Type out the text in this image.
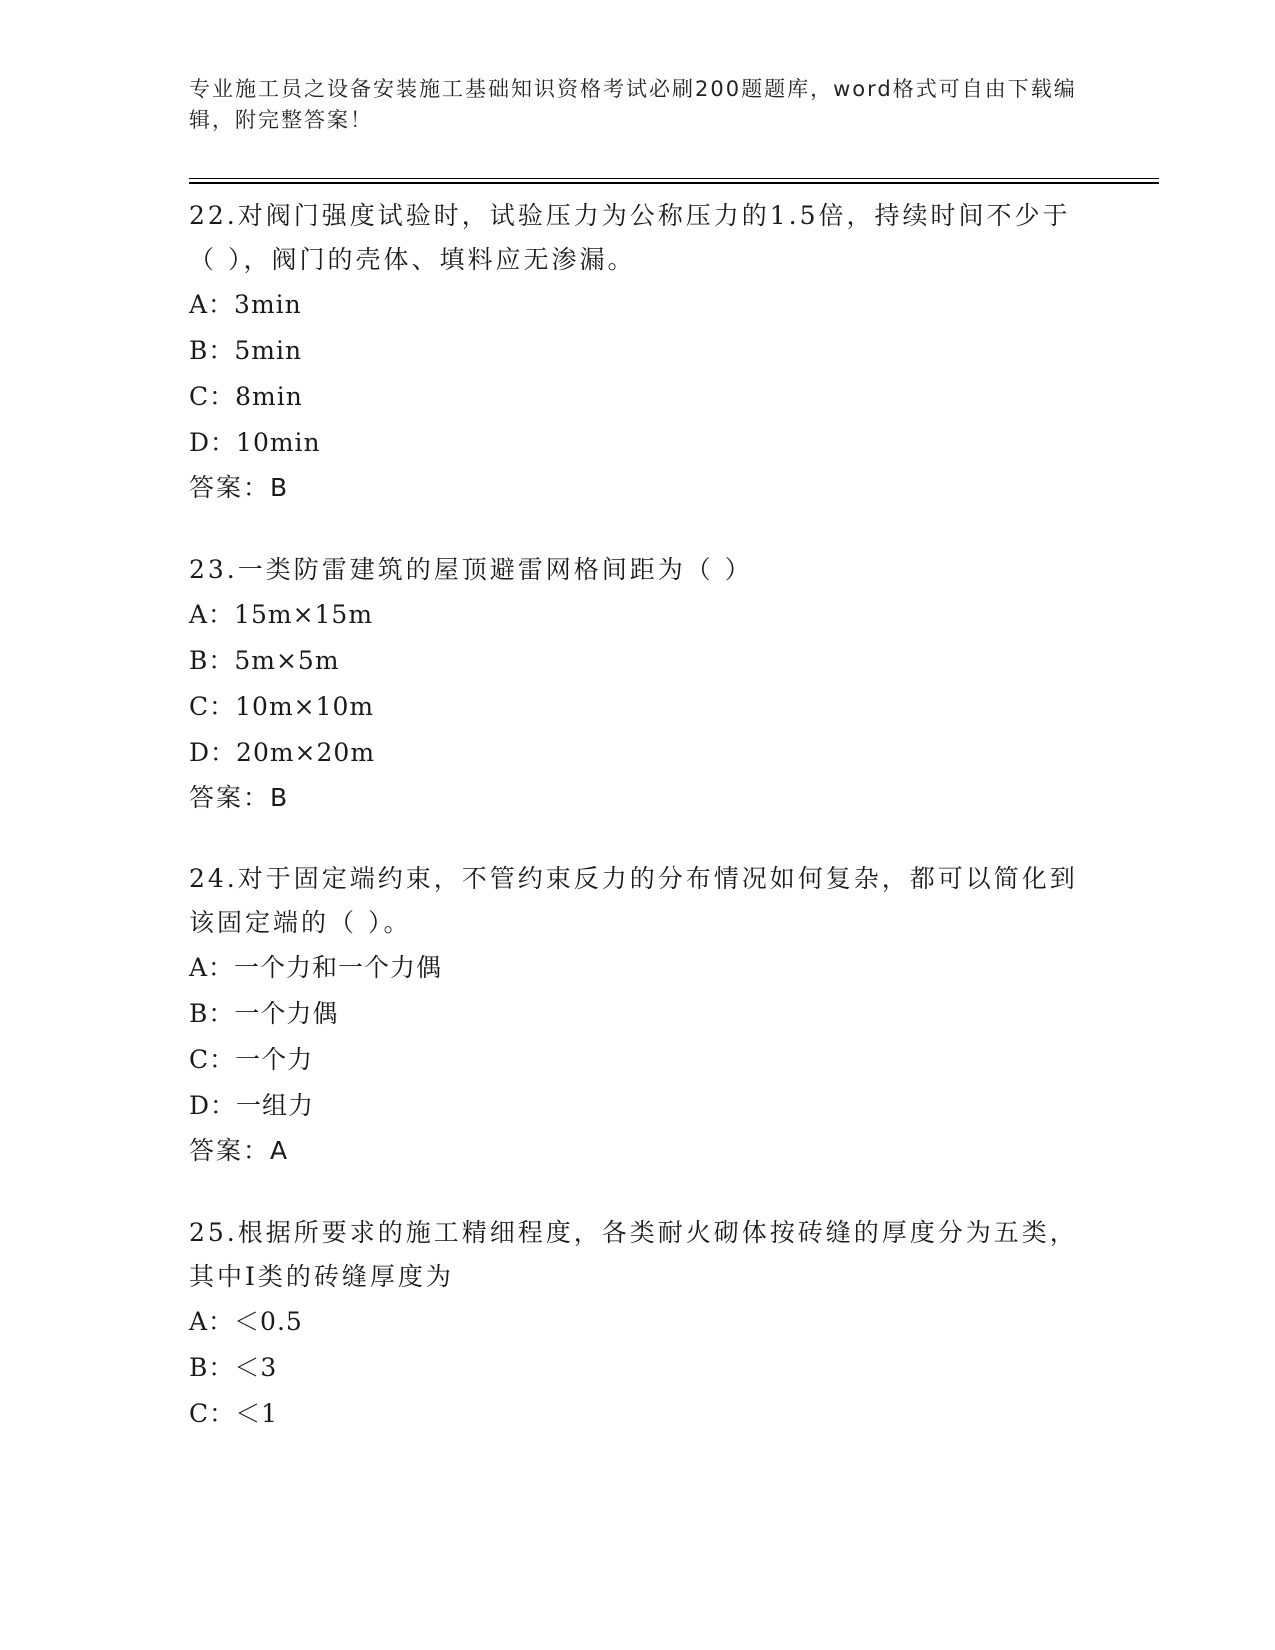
专业施工员之设备安装施工基础知识资格考试必刷200题题库，word格式可自由下载编辑，附完整答案！

22.对阀门强度试验时，试验压力为公称压力的1.5倍，持续时间不少于（ ），阀门的壳体、填料应无渗漏。

A：3min

B：5min

C：8min

D：10min

答案：B

23.一类防雷建筑的屋顶避雷网格间距为（ ）

A：15m×15m

B：5m×5m

C：10m×10m

D：20m×20m

答案：B

24.对于固定端约束，不管约束反力的分布情况如何复杂，都可以简化到该固定端的（ ）。

A：一个力和一个力偶

B：一个力偶

C：一个力

D：一组力

答案：A

25.根据所要求的施工精细程度，各类耐火砌体按砖缝的厚度分为五类，其中Ⅰ类的砖缝厚度为

A：＜0.5

B：＜3

C：＜1
